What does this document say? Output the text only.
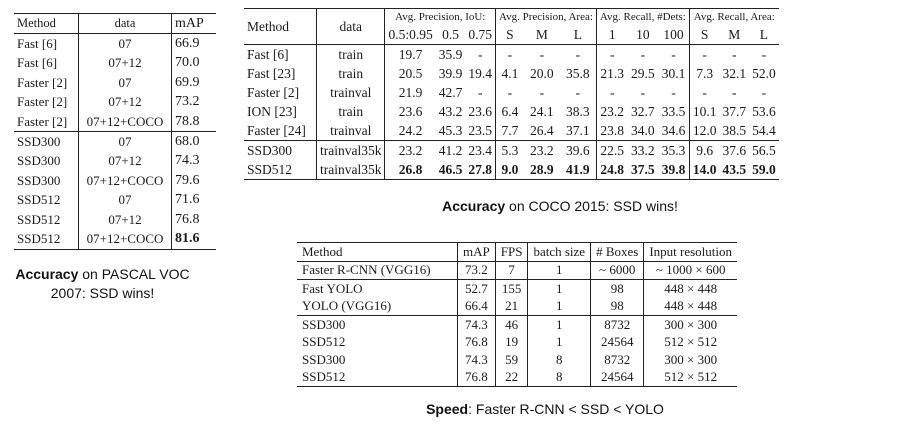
Method	data	mAP
Fast [6]	07	66.9
Fast [6]	07+12	70.0
Faster [2]	07	69.9
Faster [2]	07+12	73.2
Faster [2]	07+12+COCO	78.8
SSD300	07	68.0
SSD300	07+12	74.3
SSD300	07+12+COCO	79.6
SSD512	07	71.6
SSD512	07+12	76.8
SSD512	07+12+COCO	81.6
Accuracy on PASCAL VOC 2007: SSD wins!
Method	data	Avg. Precision, IoU:			Avg. Precision, Area:			Avg. Recall, #Dets:			Avg. Recall, Area:		
		0.5:0.95	0.5	0.75	S	M	L	1	10	100	S	M	L
Fast [6]	train	19.7	35.9	-	-	-	-	-	-	-	-	-	-
Fast [23]	train	20.5	39.9	19.4	4.1	20.0	35.8	21.3	29.5	30.1	7.3	32.1	52.0
Faster [2]	trainval	21.9	42.7	-	-	-	-	-	-	-	-	-	-
ION [23]	train	23.6	43.2	23.6	6.4	24.1	38.3	23.2	32.7	33.5	10.1	37.7	53.6
Faster [24]	trainval	24.2	45.3	23.5	7.7	26.4	37.1	23.8	34.0	34.6	12.0	38.5	54.4
SSD300	trainval35k	23.2	41.2	23.4	5.3	23.2	39.6	22.5	33.2	35.3	9.6	37.6	56.5
SSD512	trainval35k	26.8	46.5	27.8	9.0	28.9	41.9	24.8	37.5	39.8	14.0	43.5	59.0
Accuracy on COCO 2015: SSD wins!
Method	mAP	FPS	batch size	# Boxes	Input resolution
Faster R-CNN (VGG16)	73.2	7	1	~ 6000	~ 1000 × 600
Fast YOLO	52.7	155	1	98	448 × 448
YOLO (VGG16)	66.4	21	1	98	448 × 448
SSD300	74.3	46	1	8732	300 × 300
SSD512	76.8	19	1	24564	512 × 512
SSD300	74.3	59	8	8732	300 × 300
SSD512	76.8	22	8	24564	512 × 512
Speed: Faster R-CNN < SSD < YOLO
